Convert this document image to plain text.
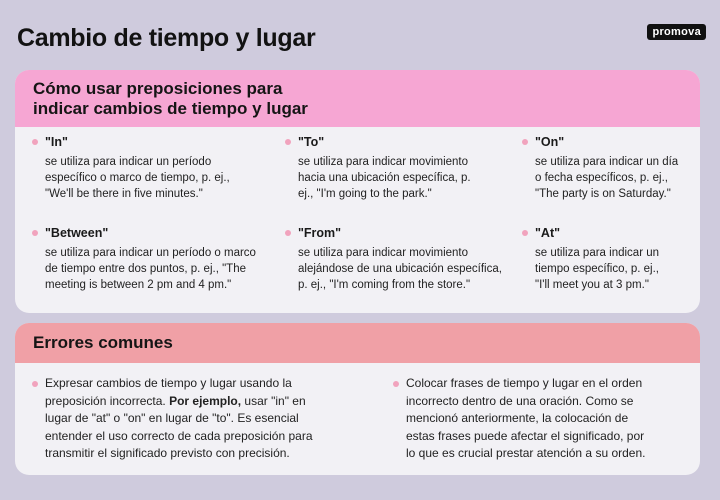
Cambio de tiempo y lugar	promova
Cómo usar preposiciones para
indicar cambios de tiempo y lugar
"In"
se utiliza para indicar un período
específico o marco de tiempo, p. ej.,
"We'll be there in five minutes."
"To"
se utiliza para indicar movimiento
hacia una ubicación específica, p.
ej., "I'm going to the park."
"On"
se utiliza para indicar un día
o fecha específicos, p. ej.,
"The party is on Saturday."
"Between"
se utiliza para indicar un período o marco
de tiempo entre dos puntos, p. ej., "The
meeting is between 2 pm and 4 pm."
"From"
se utiliza para indicar movimiento
alejándose de una ubicación específica,
p. ej., "I'm coming from the store."
"At"
se utiliza para indicar un
tiempo específico, p. ej.,
"I'll meet you at 3 pm."
Errores comunes
Expresar cambios de tiempo y lugar usando la
preposición incorrecta. Por ejemplo, usar "in" en
lugar de "at" o "on" en lugar de "to". Es esencial
entender el uso correcto de cada preposición para
transmitir el significado previsto con precisión.
Colocar frases de tiempo y lugar en el orden
incorrecto dentro de una oración. Como se
mencionó anteriormente, la colocación de
estas frases puede afectar el significado, por
lo que es crucial prestar atención a su orden.
